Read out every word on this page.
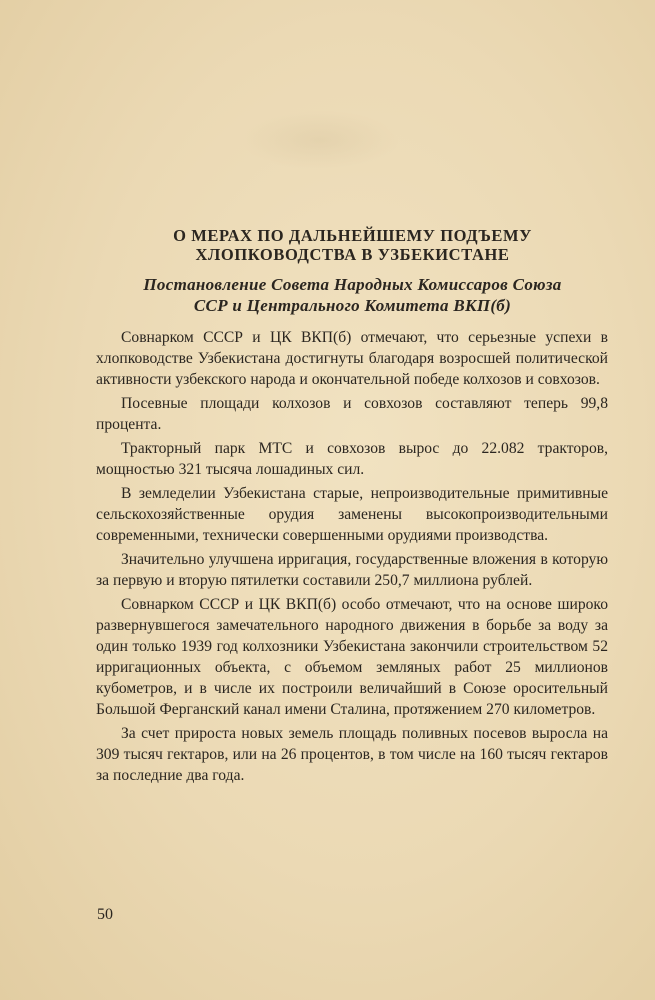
О МЕРАХ ПО ДАЛЬНЕЙШЕМУ ПОДЪЕМУ
ХЛОПКОВОДСТВА В УЗБЕКИСТАНЕ
Постановление Совета Народных Комиссаров Союза
ССР и Центрального Комитета ВКП(б)

Совнарком СССР и ЦК ВКП(б) отмечают, что серьезные успехи в хлопководстве Узбекистана достигнуты благодаря возросшей политической активности узбекского народа и окончательной победе колхозов и совхозов.

Посевные площади колхозов и совхозов составляют теперь 99,8 процента.

Тракторный парк МТС и совхозов вырос до 22.082 тракторов, мощностью 321 тысяча лошадиных сил.

В земледелии Узбекистана старые, непроизводительные примитивные сельскохозяйственные орудия заменены высокопроизводительными современными, технически совершенными орудиями производства.

Значительно улучшена ирригация, государственные вложения в которую за первую и вторую пятилетки составили 250,7 миллиона рублей.

Совнарком СССР и ЦК ВКП(б) особо отмечают, что на основе широко развернувшегося замечательного народного движения в борьбе за воду за один только 1939 год колхозники Узбекистана закончили строительством 52 ирригaционных объекта, с объемом земляных работ 25 миллионов кубометров, и в числе их построили величайший в Союзе оросительный Большой Ферганский канал имени Сталина, протяжением 270 километров.

За счет прироста новых земель площадь поливных посевов выросла на 309 тысяч гектаров, или на 26 процентов, в том числе на 160 тысяч гектаров за последние два года.

50
